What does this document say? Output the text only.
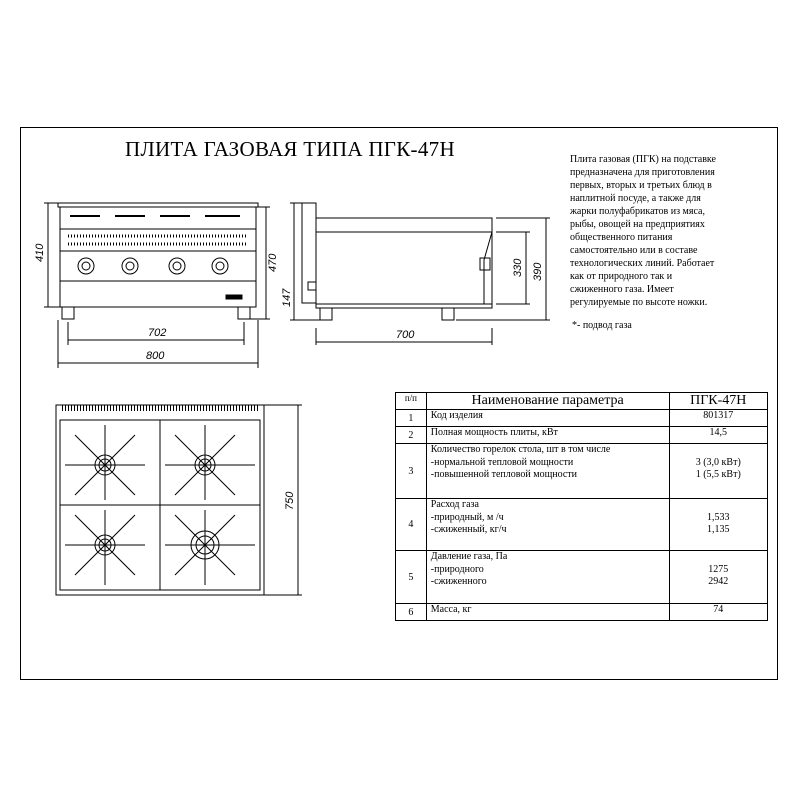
ПЛИТА ГАЗОВАЯ ТИПА ПГК-47Н	Плита газовая (ПГК) на подставке

предназначена для приготовления

первых, вторых и третьих блюд в

наплитной посуде, а также для

жарки полуфабрикатов из мяса,

рыбы, овощей на предприятиях

общественного питания

самостоятельно или в составе

технологических линий. Работает

как от природного так и

сжиженного газа. Имеет

регулируемые по высоте ножки.

*- подвод газа
410
470
702
800
147
700
330 390
750
п/п	Наименование параметра	ПГК-47Н
1	Код изделия	801317

2	Полная мощность плиты, кВт	14,5

3	Количество горелок стола, шт в том числе
-нормальной тепловой мощности
-повышенной тепловой мощности	3 (3,0 кВт)
1 (5,5 кВт)

4	Расход газа
-природный, м /ч
-сжиженный, кг/ч	1,533
1,135

5	Давление газа, Па
-природного
-сжиженного	1275
2942

6	Масса, кг	74
